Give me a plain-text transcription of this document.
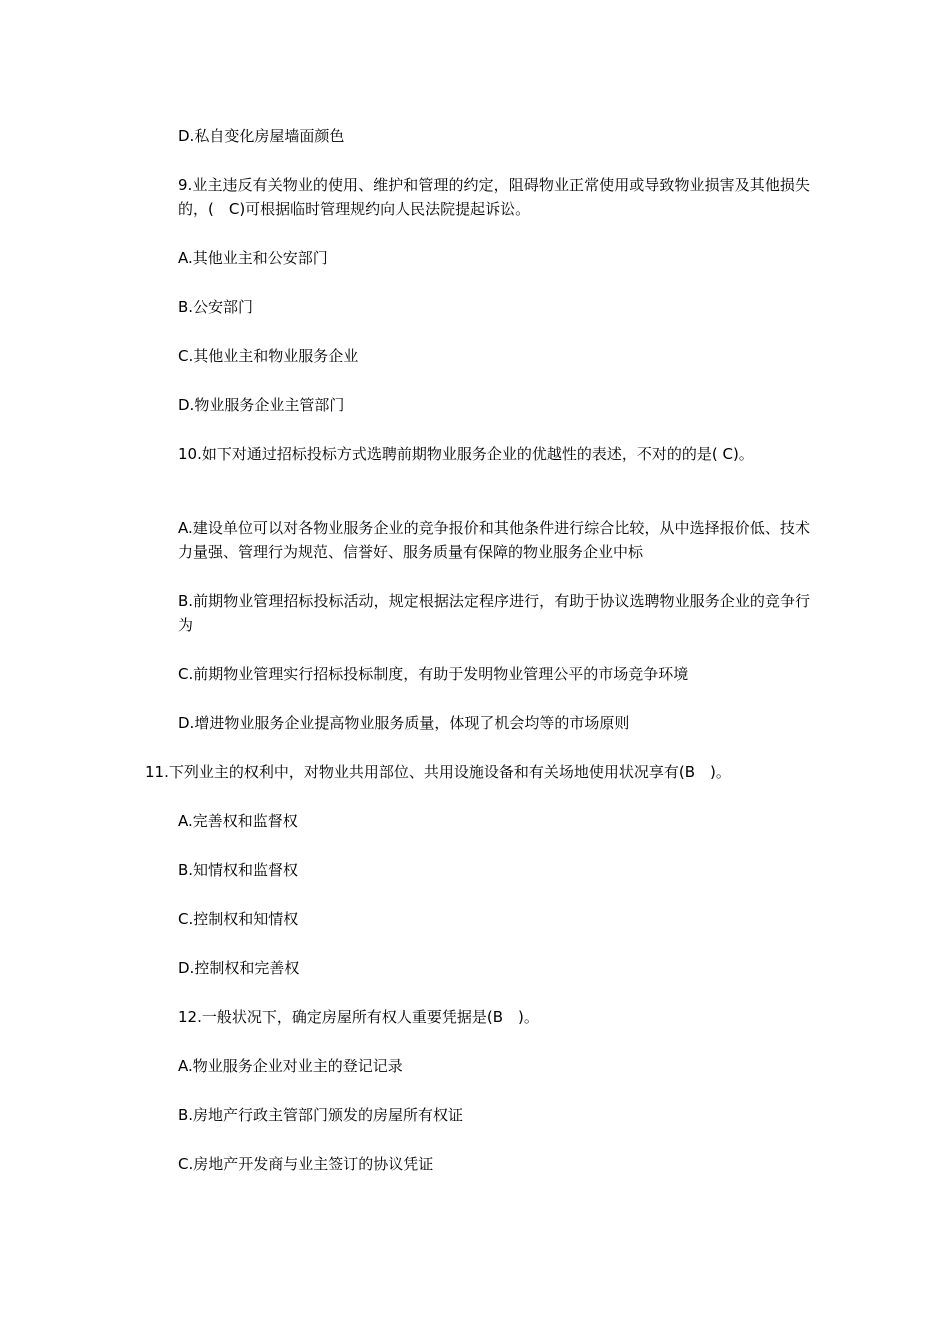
D.私自变化房屋墙面颜色

9.业主违反有关物业的使用、维护和管理的约定，阻碍物业正常使用或导致物业损害及其他损失的，(　C)可根据临时管理规约向人民法院提起诉讼。

A.其他业主和公安部门

B.公安部门

C.其他业主和物业服务企业

D.物业服务企业主管部门

10.如下对通过招标投标方式选聘前期物业服务企业的优越性的表述，不对的的是( C)。

A.建设单位可以对各物业服务企业的竞争报价和其他条件进行综合比较，从中选择报价低、技术力量强、管理行为规范、信誉好、服务质量有保障的物业服务企业中标

B.前期物业管理招标投标活动，规定根据法定程序进行，有助于协议选聘物业服务企业的竞争行为

C.前期物业管理实行招标投标制度，有助于发明物业管理公平的市场竞争环境

D.增进物业服务企业提高物业服务质量，体现了机会均等的市场原则

11.下列业主的权利中，对物业共用部位、共用设施设备和有关场地使用状况享有(B　)。

A.完善权和监督权

B.知情权和监督权

C.控制权和知情权

D.控制权和完善权

12.一般状况下，确定房屋所有权人重要凭据是(B　)。

A.物业服务企业对业主的登记记录

B.房地产行政主管部门颁发的房屋所有权证

C.房地产开发商与业主签订的协议凭证
